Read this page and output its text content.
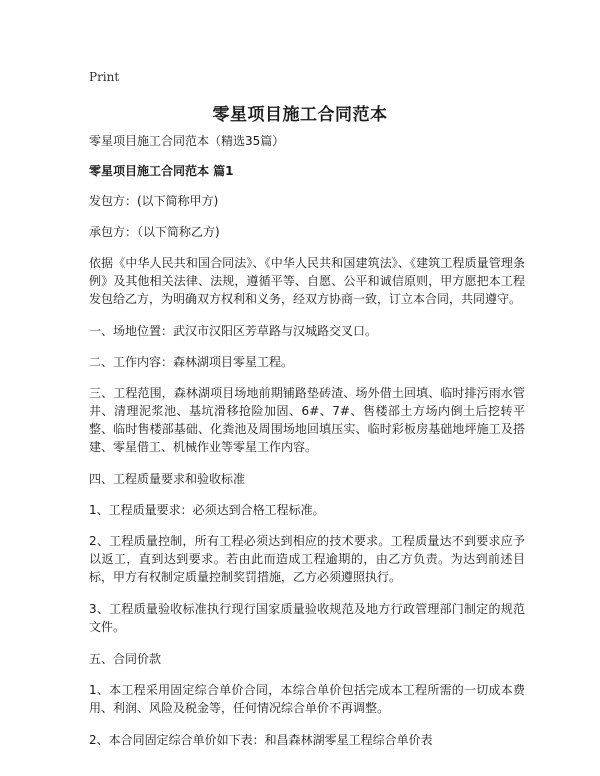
Print
零星项目施工合同范本

零星项目施工合同范本（精选35篇）

零星项目施工合同范本 篇1

发包方：(以下简称甲方)

承包方：（以下简称乙方)

依据《中华人民共和国合同法》、《中华人民共和国建筑法》、《建筑工程质量管理条例》及其他相关法律、法规，遵循平等、自愿、公平和诚信原则，甲方愿把本工程发包给乙方，为明确双方权利和义务，经双方协商一致，订立本合同，共同遵守。

一、场地位置：武汉市汉阳区芳草路与汉城路交叉口。

二、工作内容：森林湖项目零星工程。

三、工程范围，森林湖项目场地前期铺路垫砖渣、场外借土回填、临时排污雨水管井、清理泥浆池、基坑滑移抢险加固、6#、7#、售楼部土方场内倒土后挖转平整、临时售楼部基础、化粪池及周围场地回填压实、临时彩板房基础地坪施工及搭建、零星借工、机械作业等零星工作内容。

四、工程质量要求和验收标准

1、工程质量要求：必须达到合格工程标准。

2、工程质量控制，所有工程必须达到相应的技术要求。工程质量达不到要求应予以返工，直到达到要求。若由此而造成工程逾期的，由乙方负责。为达到前述目标，甲方有权制定质量控制奖罚措施，乙方必须遵照执行。

3、工程质量验收标准执行现行国家质量验收规范及地方行政管理部门制定的规范文件。

五、合同价款

1、本工程采用固定综合单价合同，本综合单价包括完成本工程所需的一切成本费用、利润、风险及税金等，任何情况综合单价不再调整。

2、本合同固定综合单价如下表：和昌森林湖零星工程综合单价表
